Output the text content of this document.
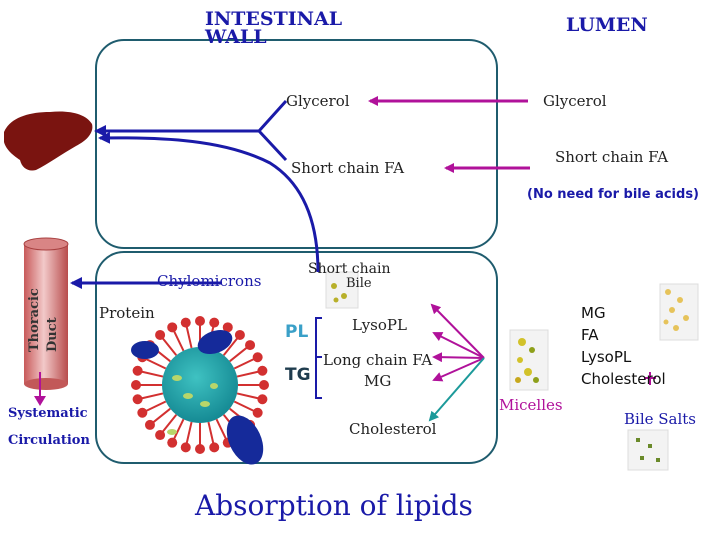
INTESTINAL WALL
LUMEN
Glycerol
Short chain FA
Glycerol
Short chain FA
(No need for bile acids)
Short chain
Bile
Chylomicrons
Protein
LysoPL
Long chain FA
MG
Cholesterol
PL
TG
MG
FA
LysoPL
Cholesterol
Micelles
Bile Salts
Thoracic Duct
Systematic
Circulation
Absorption of lipids
